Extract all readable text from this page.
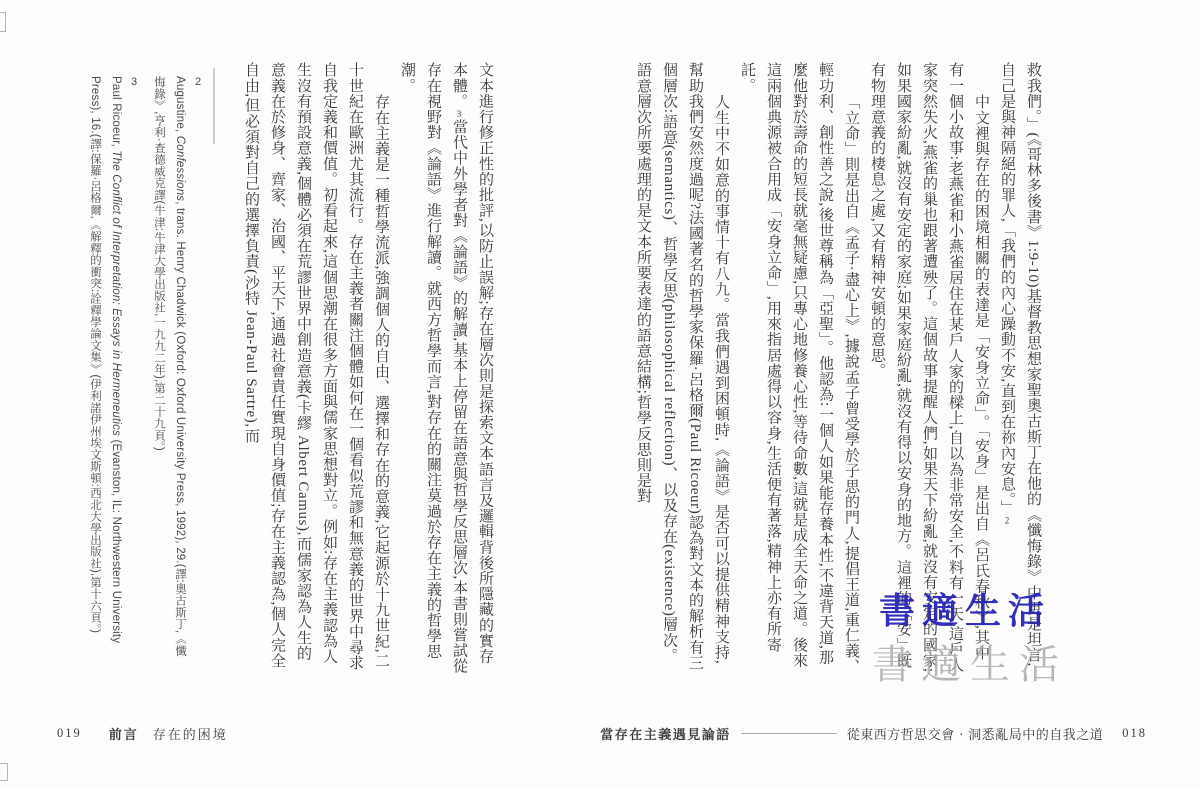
救我們。」(《哥林多後書》1:9-10)基督教思想家聖奧古斯丁在他的《懺悔錄》中更是坦言,自己是與神隔絕的罪人,「我們的內心躁動不安,直到在祢內安息。」2

中文裡與存在的困境相關的表達是「安身立命」。「安身」是出自《呂氏春秋》,其中有一個小故事:老燕雀和小燕雀居住在某戶人家的樑上,自以為非常安全,不料有一天,這戶人家突然失火,燕雀的巢也跟著遭殃了。這個故事提醒人們,如果天下紛亂,就沒有安定的國家;如果國家紛亂,就沒有安定的家庭;如果家庭紛亂,就沒有得以安身的地方。這裡的「安」既有物理意義的棲息之處,又有精神安頓的意思。

「立命」則是出自《孟子·盡心上》,據說孟子曾受學於子思的門人,提倡王道,重仁義、輕功利、創性善之說,後世尊稱為「亞聖」。他認為:一個人如果能存養本性,不違背天道,那麼他對於壽命的短長就毫無疑慮,只專心地修養心性,等待命數,這就是成全天命之道。後來這兩個典源被合用成「安身立命」,用來指居處得以容身,生活便有著落,精神上亦有所寄託。

人生中不如意的事情十有八九。當我們遇到困頓時,《論語》是否可以提供精神支持,幫助我們安然度過呢?法國著名的哲學家保羅·呂格爾(Paul Ricoeur)認為對文本的解析有三個層次:語意(semantics)、哲學反思(philosophical reflection)、以及存在(existence)層次。語意層次所要處理的是文本所要表達的語意結構;哲學反思則是對

文本進行修正性的批評,以防止誤解;存在層次則是探索文本語言及邏輯背後所隱藏的實存本體。3當代中外學者對《論語》的解讀,基本上停留在語意與哲學反思層次,本書則嘗試從存在視野對《論語》進行解讀。就西方哲學而言,對存在的關注莫過於存在主義的哲學思潮。

存在主義是一種哲學流派,強調個人的自由、選擇和存在的意義,它起源於十九世紀,二十世紀在歐洲尤其流行。存在主義者關注個體如何在一個看似荒謬和無意義的世界中尋求自我定義和價值。初看起來,這個思潮在很多方面與儒家思想對立。例如:存在主義認為人生沒有預設意義,個體必須在荒謬世界中創造意義(卡繆 Albert Camus),而儒家認為人生的意義在於修身、齊家、治國、平天下,通過社會責任實現自身價值;存在主義認為,個人完全自由,但必須對自己的選擇負責(沙特 Jean-Paul Sartre),而

2
Augustine, Confessions, trans. Henry Chadwick (Oxford: Oxford University Press, 1992), 29.(譯:奧古斯丁,《懺悔錄》,亨利·查德威克譯(牛津:牛津大學出版社,一九九二年),第二十九頁。)
3
Paul Ricoeur, The Conflict of Interpretation: Essays in Hermeneutics (Evanston, IL: Northwestern University Press), 16.(譯:保羅·呂格爾,《解釋的衝突:詮釋學論文集》(伊利諾伊州埃文斯頓:西北大學出版社),第十六頁。)
019 前言 存在的困境	當存在主義遇見論語	從東西方哲思交會‧洞悉亂局中的自我之道 018
書適生活
書適生活
